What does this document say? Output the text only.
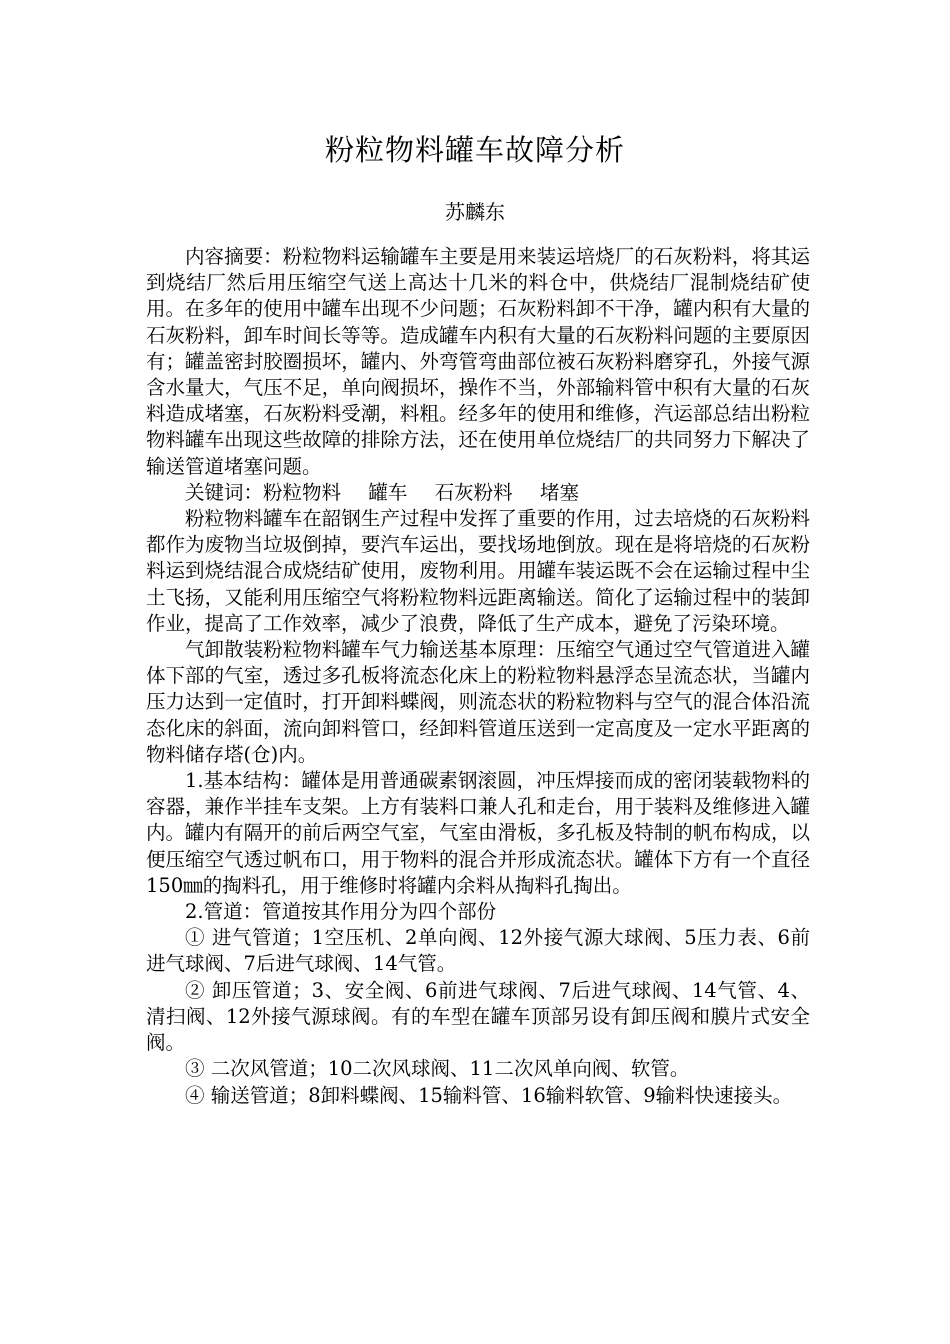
粉粒物料罐车故障分析
苏麟东

内容摘要：粉粒物料运输罐车主要是用来装运培烧厂的石灰粉料，将其运到烧结厂然后用压缩空气送上高达十几米的料仓中，供烧结厂混制烧结矿使用。在多年的使用中罐车出现不少问题；石灰粉料卸不干净，罐内积有大量的石灰粉料，卸车时间长等等。造成罐车内积有大量的石灰粉料问题的主要原因有；罐盖密封胶圈损坏，罐内、外弯管弯曲部位被石灰粉料磨穿孔，外接气源含水量大，气压不足，单向阀损坏，操作不当，外部输料管中积有大量的石灰料造成堵塞，石灰粉料受潮，料粗。经多年的使用和维修，汽运部总结出粉粒物料罐车出现这些故障的排除方法，还在使用单位烧结厂的共同努力下解决了输送管道堵塞问题。

关键词：粉粒物料 罐车 石灰粉料 堵塞

粉粒物料罐车在韶钢生产过程中发挥了重要的作用，过去培烧的石灰粉料都作为废物当垃圾倒掉，要汽车运出，要找场地倒放。现在是将培烧的石灰粉料运到烧结混合成烧结矿使用，废物利用。用罐车装运既不会在运输过程中尘土飞扬，又能利用压缩空气将粉粒物料远距离输送。简化了运输过程中的装卸作业，提高了工作效率，减少了浪费，降低了生产成本，避免了污染环境。

气卸散装粉粒物料罐车气力输送基本原理：压缩空气通过空气管道进入罐体下部的气室，透过多孔板将流态化床上的粉粒物料悬浮态呈流态状，当罐内压力达到一定值时，打开卸料蝶阀，则流态状的粉粒物料与空气的混合体沿流态化床的斜面，流向卸料管口，经卸料管道压送到一定高度及一定水平距离的物料储存塔(仓)内。

1.基本结构：罐体是用普通碳素钢滚圆，冲压焊接而成的密闭装载物料的容器，兼作半挂车支架。上方有装料口兼人孔和走台，用于装料及维修进入罐内。罐内有隔开的前后两空气室，气室由滑板，多孔板及特制的帆布构成，以便压缩空气透过帆布口，用于物料的混合并形成流态状。罐体下方有一个直径150㎜的掏料孔，用于维修时将罐内余料从掏料孔掏出。

2.管道：管道按其作用分为四个部份

① 进气管道；1空压机、2单向阀、12外接气源大球阀、5压力表、6前进气球阀、7后进气球阀、14气管。

② 卸压管道；3、安全阀、6前进气球阀、7后进气球阀、14气管、4、清扫阀、12外接气源球阀。有的车型在罐车顶部另设有卸压阀和膜片式安全阀。

③ 二次风管道；10二次风球阀、11二次风单向阀、软管。

④ 输送管道；8卸料蝶阀、15输料管、16输料软管、9输料快速接头。
